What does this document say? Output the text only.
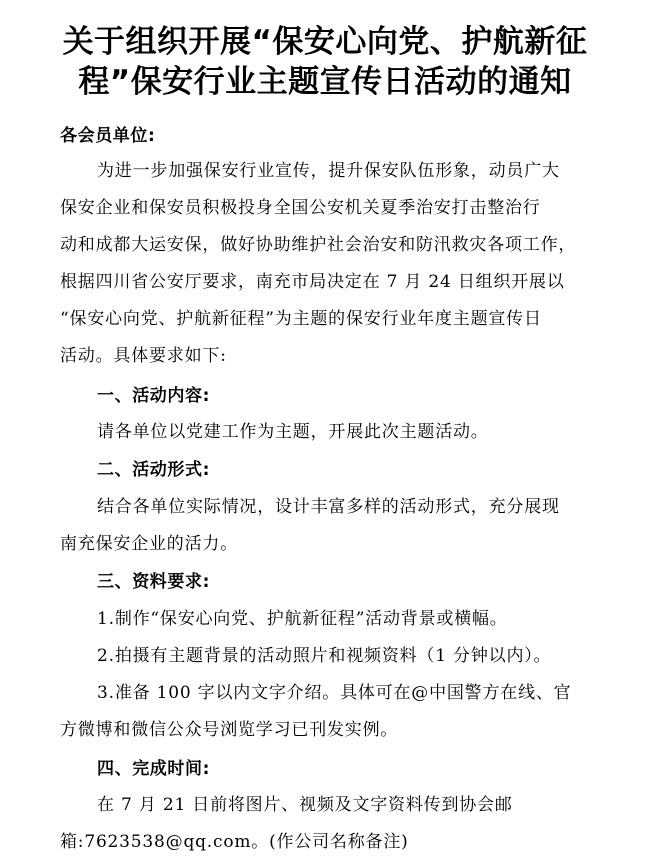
关于组织开展“保安心向党、护航新征
程”保安行业主题宣传日活动的通知
各会员单位:
为进一步加强保安行业宣传，提升保安队伍形象，动员广大
保安企业和保安员积极投身全国公安机关夏季治安打击整治行
动和成都大运安保，做好协助维护社会治安和防汛救灾各项工作，
根据四川省公安厅要求，南充市局决定在 7 月 24 日组织开展以
“保安心向党、护航新征程”为主题的保安行业年度主题宣传日
活动。具体要求如下:
一、活动内容:
请各单位以党建工作为主题，开展此次主题活动。
二、活动形式:
结合各单位实际情况，设计丰富多样的活动形式，充分展现
南充保安企业的活力。
三、资料要求:
1.制作“保安心向党、护航新征程”活动背景或横幅。
2.拍摄有主题背景的活动照片和视频资料（1 分钟以内）。
3.准备 100 字以内文字介绍。具体可在@中国警方在线、官
方微博和微信公众号浏览学习已刊发实例。
四、完成时间:
在 7 月 21 日前将图片、视频及文字资料传到协会邮
箱:7623538@qq.com。(作公司名称备注)
